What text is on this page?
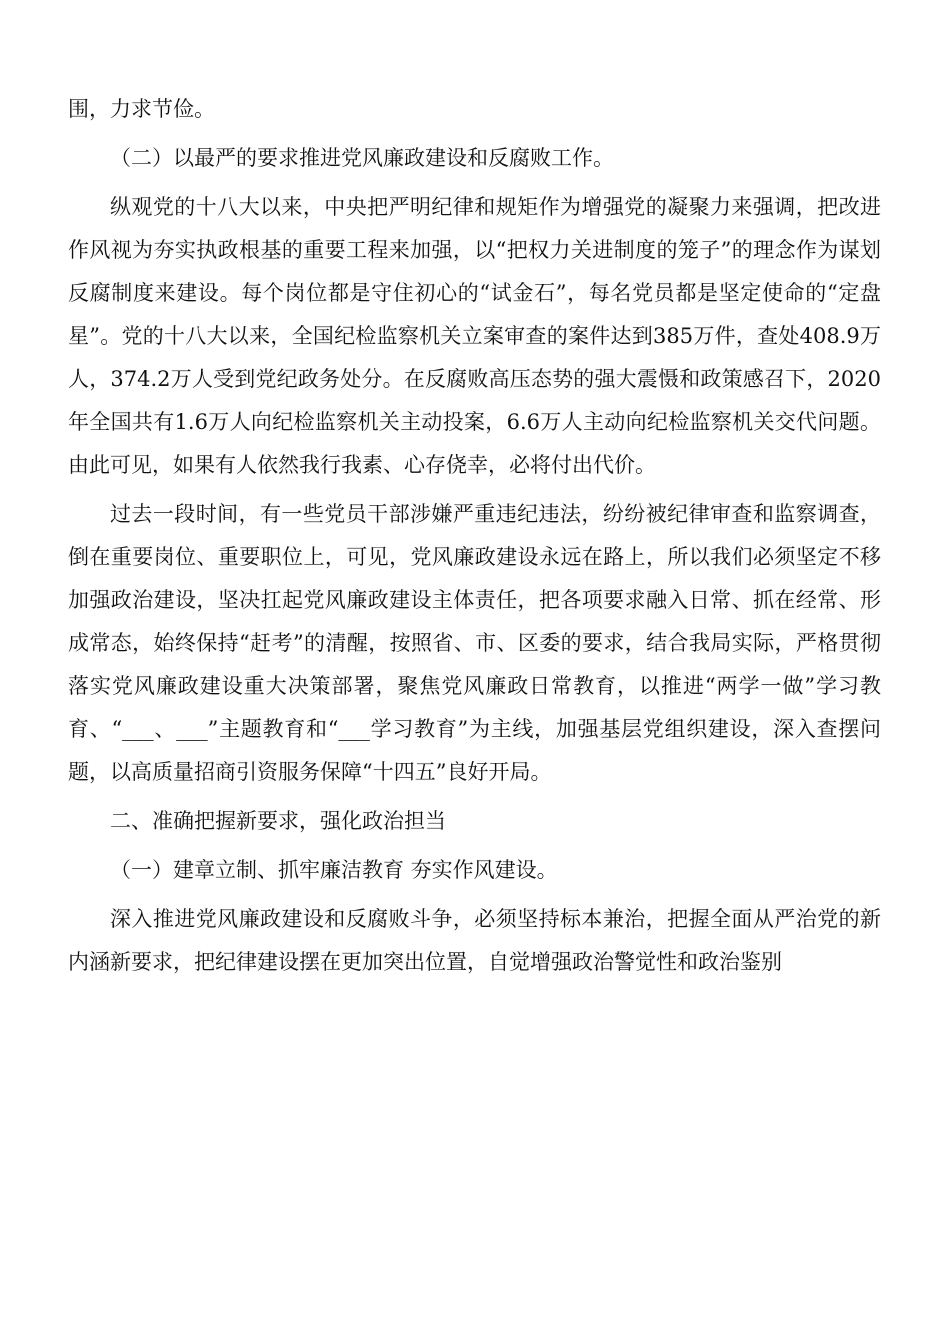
围，力求节俭。

（二）以最严的要求推进党风廉政建设和反腐败工作。

纵观党的十八大以来，中央把严明纪律和规矩作为增强党的凝聚力来强调，把改进作风视为夯实执政根基的重要工程来加强，以“把权力关进制度的笼子”的理念作为谋划反腐制度来建设。每个岗位都是守住初心的“试金石”，每名党员都是坚定使命的“定盘星”。党的十八大以来，全国纪检监察机关立案审查的案件达到385万件，查处408.9万人，374.2万人受到党纪政务处分。在反腐败高压态势的强大震慑和政策感召下，2020年全国共有1.6万人向纪检监察机关主动投案，6.6万人主动向纪检监察机关交代问题。由此可见，如果有人依然我行我素、心存侥幸，必将付出代价。

过去一段时间，有一些党员干部涉嫌严重违纪违法，纷纷被纪律审查和监察调查，倒在重要岗位、重要职位上，可见，党风廉政建设永远在路上，所以我们必须坚定不移加强政治建设，坚决扛起党风廉政建设主体责任，把各项要求融入日常、抓在经常、形成常态，始终保持“赶考”的清醒，按照省、市、区委的要求，结合我局实际，严格贯彻落实党风廉政建设重大决策部署，聚焦党风廉政日常教育，以推进“两学一做”学习教育、“___、___”主题教育和“___学习教育”为主线，加强基层党组织建设，深入查摆问题，以高质量招商引资服务保障“十四五”良好开局。

二、准确把握新要求，强化政治担当

（一）建章立制、抓牢廉洁教育 夯实作风建设。

深入推进党风廉政建设和反腐败斗争，必须坚持标本兼治，把握全面从严治党的新内涵新要求，把纪律建设摆在更加突出位置，自觉增强政治警觉性和政治鉴别
